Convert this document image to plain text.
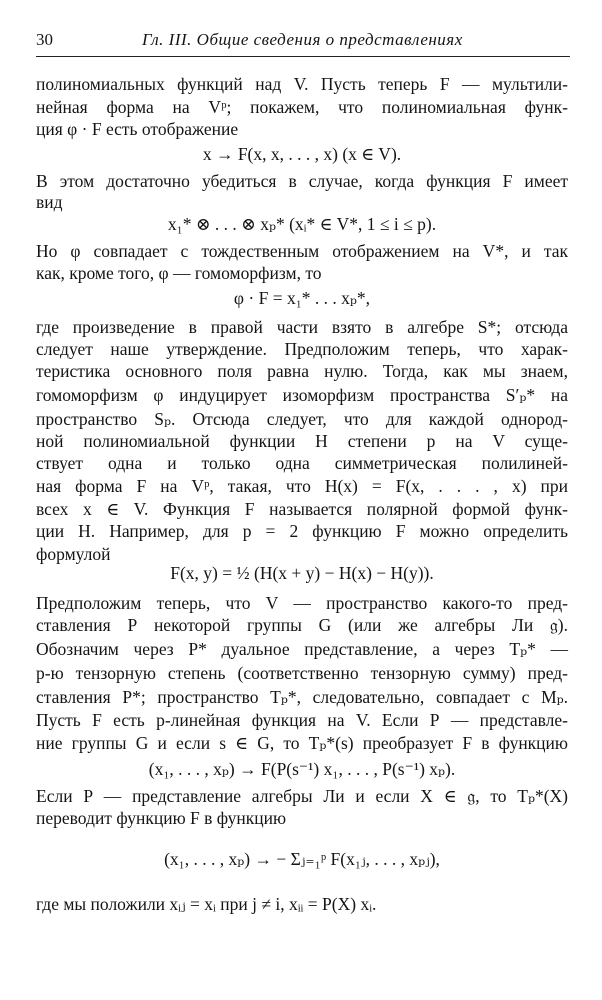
30	Гл. III. Общие сведения о представлениях
полиномиальных функций над V. Пусть теперь F — мультили-
нейная форма на Vᵖ; покажем, что полиномиальная функ-
ция φ · F есть отображение
x → F(x, x, . . . , x) (x ∈ V).
В этом достаточно убедиться в случае, когда функция F имеет
вид
x₁* ⊗ . . . ⊗ xₚ* (xᵢ* ∈ V*, 1 ≤ i ≤ p).
Но φ совпадает с тождественным отображением на V*, и так
как, кроме того, φ — гомоморфизм, то
φ · F = x₁* . . . xₚ*,
где произведение в правой части взято в алгебре S*; отсюда
следует наше утверждение. Предположим теперь, что харак-
теристика основного поля равна нулю. Тогда, как мы знаем,
гомоморфизм φ индуцирует изоморфизм пространства S′ₚ* на
пространство Sₚ. Отсюда следует, что для каждой однород-
ной полиномиальной функции H степени p на V суще-
ствует одна и только одна симметрическая полилиней-
ная форма F на Vᵖ, такая, что H(x) = F(x, . . . , x) при
всех x ∈ V. Функция F называется полярной формой функ-
ции H. Например, для p = 2 функцию F можно определить
формулой
F(x, y) = ½ (H(x + y) − H(x) − H(y)).
Предположим теперь, что V — пространство какого-то пред-
ставления Ρ некоторой группы G (или же алгебры Ли 𝔤).
Обозначим через Ρ* дуальное представление, а через Tₚ* —
p-ю тензорную степень (соответственно тензорную сумму) пред-
ставления Ρ*; пространство Tₚ*, следовательно, совпадает с Mₚ.
Пусть F есть p-линейная функция на V. Если Ρ — представле-
ние группы G и если s ∈ G, то Tₚ*(s) преобразует F в функцию
(x₁, . . . , xₚ) → F(Ρ(s⁻¹) x₁, . . . , Ρ(s⁻¹) xₚ).
Если Ρ — представление алгебры Ли и если X ∈ 𝔤, то Tₚ*(X)
переводит функцию F в функцию
(x₁, . . . , xₚ) → − Σⱼ₌₁ᵖ F(x₁ⱼ, . . . , xₚⱼ),
где мы положили xᵢⱼ = xᵢ при j ≠ i, xᵢᵢ = Ρ(X) xᵢ.
